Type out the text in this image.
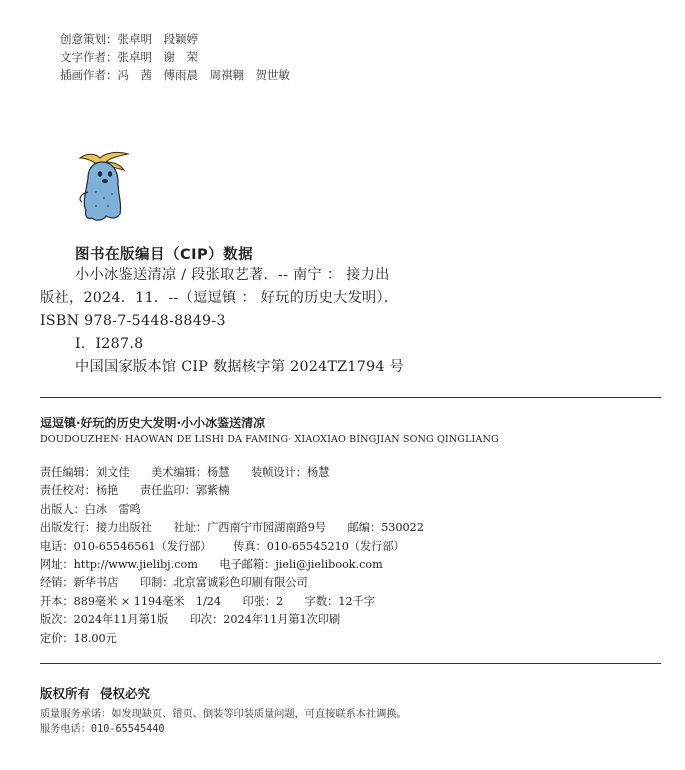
创意策划：张卓明　段颖婷
文字作者：张卓明　谢　荣
插画作者：冯　茜　傅雨晨　周祺翱　贺世敏
图书在版编目（CIP）数据
小小冰鉴送清凉 / 段张取艺著．-- 南宁 ： 接力出
版社，2024．11．--（逗逗镇 ： 好玩的历史大发明）．
ISBN 978-7-5448-8849-3
Ⅰ．I287.8
中国国家版本馆 CIP 数据核字第 2024TZ1794 号
逗逗镇·好玩的历史大发明·小小冰鉴送清凉
DOUDOUZHEN· HAOWAN DE LISHI DA FAMING· XIAOXIAO BINGJIAN SONG QINGLIANG
责任编辑：刘文佳 美术编辑：杨慧 装帧设计：杨慧
责任校对：杨艳 责任监印：郭紫楠
出版人：白冰　雷鸣
出版发行：接力出版社 社址：广西南宁市园湖南路9号 邮编：530022
电话：010-65546561（发行部） 传真：010-65545210（发行部）
网址：http://www.jielibj.com 电子邮箱：jieli@jielibook.com
经销：新华书店 印制：北京富诚彩色印刷有限公司
开本：889毫米 × 1194毫米　1/24 印张：2 字数：12千字
版次：2024年11月第1版 印次：2024年11月第1次印刷
定价：18.00元
版权所有 侵权必究
质量服务承诺：如发现缺页、错页、倒装等印装质量问题，可直接联系本社调换。
服务电话：010-65545440
